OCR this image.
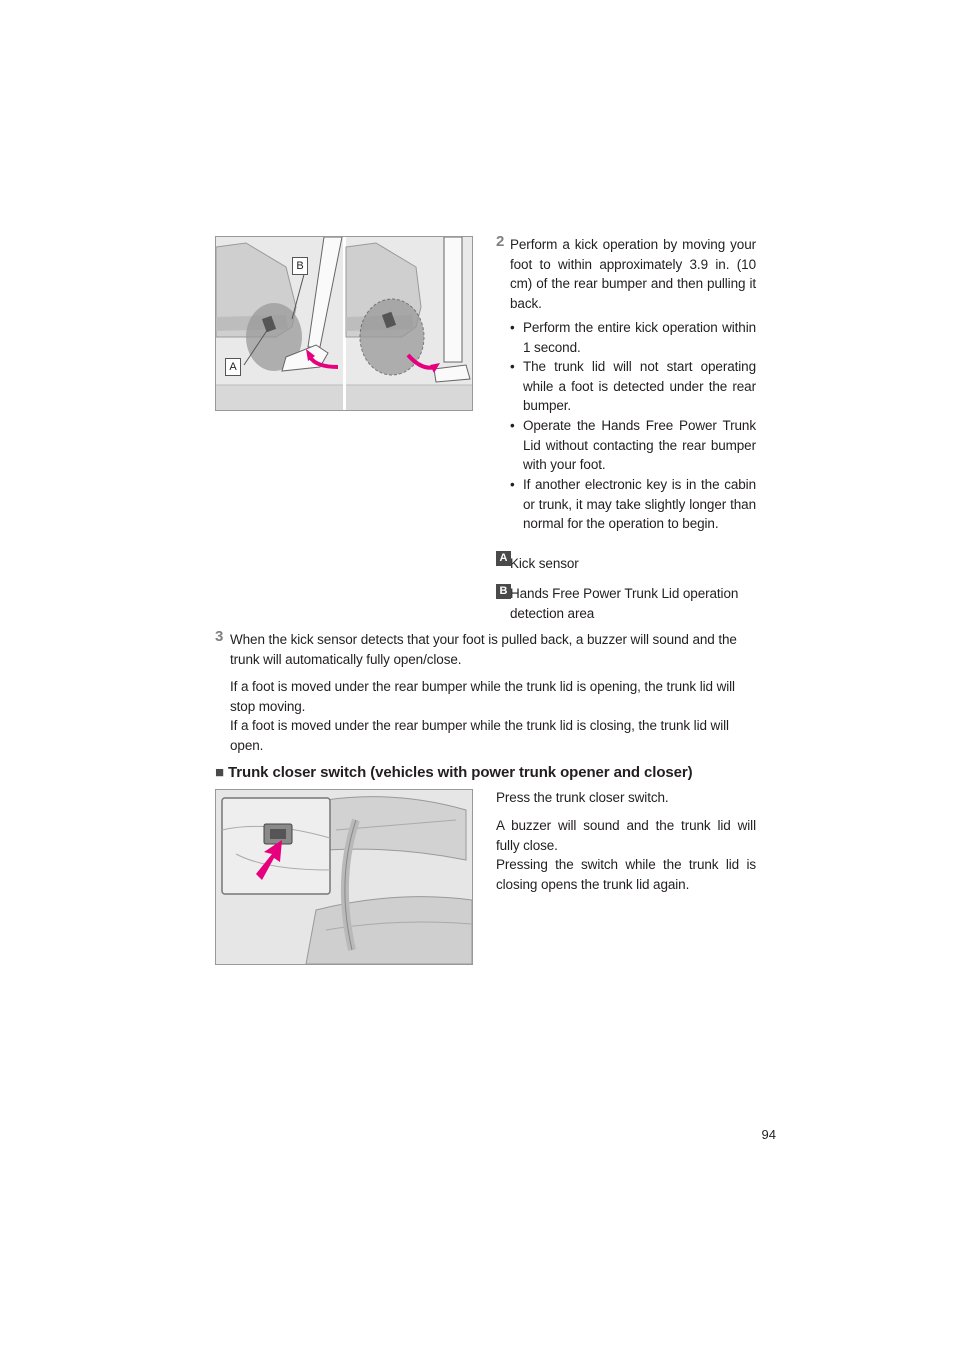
B
A
2 Perform a kick operation by moving your foot to within approximately 3.9 in. (10 cm) of the rear bumper and then pulling it back.
• Perform the entire kick operation within 1 second.
• The trunk lid will not start operating while a foot is detected under the rear bumper.
• Operate the Hands Free Power Trunk Lid without contacting the rear bumper with your foot.
• If another electronic key is in the cabin or trunk, it may take slightly longer than normal for the operation to begin.
A Kick sensor
B Hands Free Power Trunk Lid operation detection area
3 When the kick sensor detects that your foot is pulled back, a buzzer will sound and the trunk will automatically fully open/close.
If a foot is moved under the rear bumper while the trunk lid is opening, the trunk lid will stop moving.
If a foot is moved under the rear bumper while the trunk lid is closing, the trunk lid will open.
■ Trunk closer switch (vehicles with power trunk opener and closer)
Press the trunk closer switch.
A buzzer will sound and the trunk lid will fully close.
Pressing the switch while the trunk lid is closing opens the trunk lid again.
94
